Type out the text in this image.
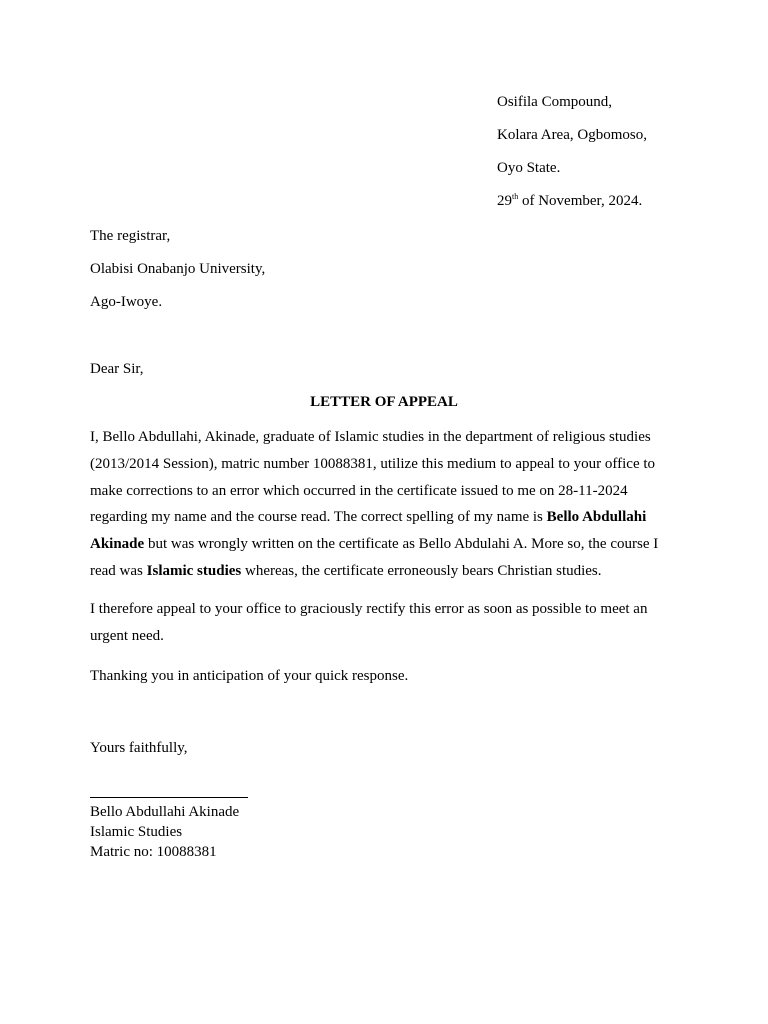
Osifila Compound,
Kolara Area, Ogbomoso,
Oyo State.
29th of November, 2024.
The registrar,
Olabisi Onabanjo University,
Ago-Iwoye.
Dear Sir,
LETTER OF APPEAL
I, Bello Abdullahi, Akinade, graduate of Islamic studies in the department of religious studies (2013/2014 Session), matric number 10088381, utilize this medium to appeal to your office to make corrections to an error which occurred in the certificate issued to me on 28-11-2024 regarding my name and the course read. The correct spelling of my name is Bello Abdullahi Akinade but was wrongly written on the certificate as Bello Abdulahi A. More so, the course I read was Islamic studies whereas, the certificate erroneously bears Christian studies.
I therefore appeal to your office to graciously rectify this error as soon as possible to meet an urgent need.
Thanking you in anticipation of your quick response.
Yours faithfully,
Bello Abdullahi Akinade
Islamic Studies
Matric no: 10088381
